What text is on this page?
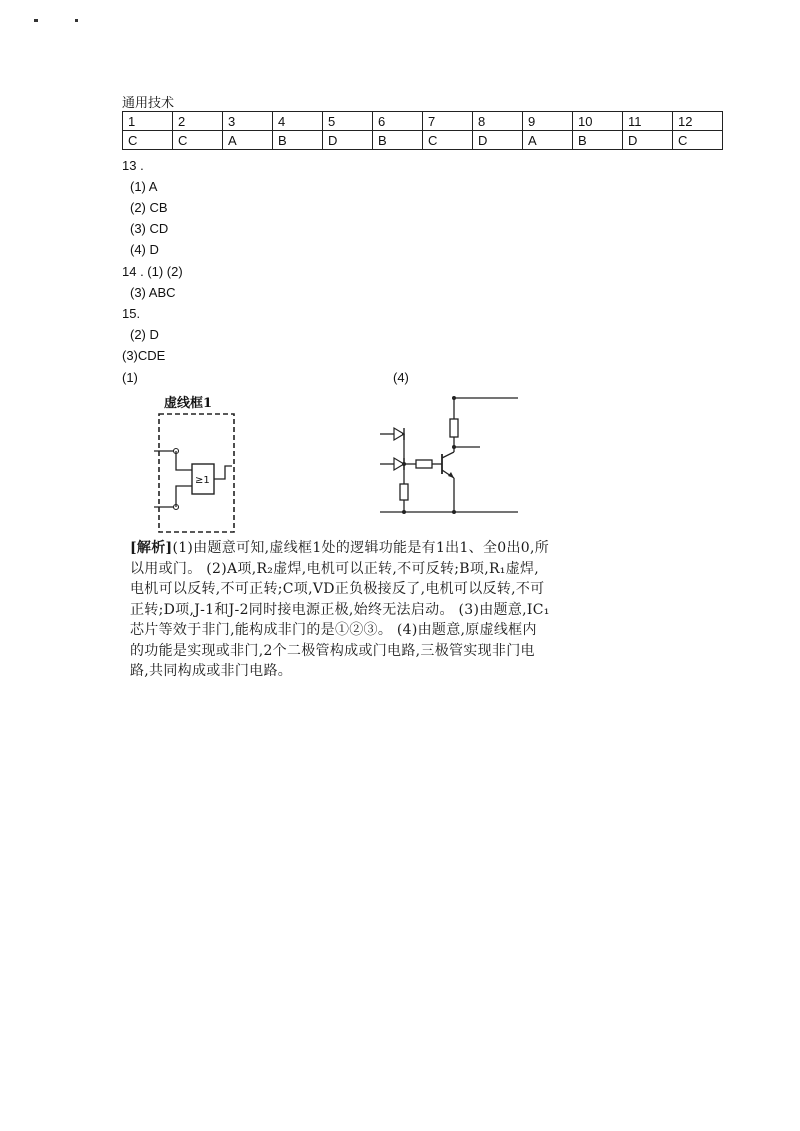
通用技术
1	2	3	4	5	6	7	8	9	10	11	12
C	C	A	B	D	B	C	D	A	B	D	C
13 .
(1) A
(2) CB
(3) CD
(4) D
14 . (1) (2)
(3) ABC
15.
(2) D
(3)CDE
(1)	(4)
虚线框1
≥1
[解析](1)由题意可知,虚线框1处的逻辑功能是有1出1、全0出0,所以用或门。 (2)A项,R₂虚焊,电机可以正转,不可反转;B项,R₁虚焊,电机可以反转,不可正转;C项,VD正负极接反了,电机可以反转,不可正转;D项,J-1和J-2同时接电源正极,始终无法启动。 (3)由题意,IC₁芯片等效于非门,能构成非门的是①②③。 (4)由题意,原虚线框内的功能是实现或非门,2个二极管构成或门电路,三极管实现非门电路,共同构成或非门电路。
